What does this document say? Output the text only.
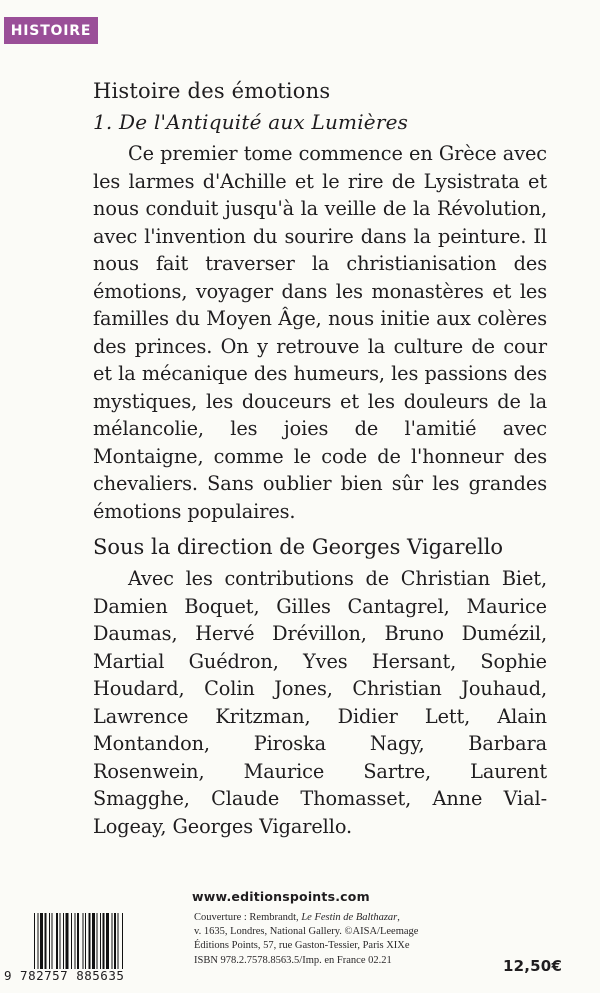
HISTOIRE
Histoire des émotions
1. De l'Antiquité aux Lumières

Ce premier tome commence en Grèce avec les larmes d'Achille et le rire de Lysistrata et nous conduit jusqu'à la veille de la Révolution, avec l'invention du sourire dans la peinture. Il nous fait traverser la christianisation des émotions, voyager dans les monastères et les familles du Moyen Âge, nous initie aux colères des princes. On y retrouve la culture de cour et la mécanique des humeurs, les passions des mystiques, les douceurs et les douleurs de la mélancolie, les joies de l'amitié avec Montaigne, comme le code de l'honneur des chevaliers. Sans oublier bien sûr les grandes émotions populaires.

Sous la direction de Georges Vigarello

Avec les contributions de Christian Biet, Damien Boquet, Gilles Cantagrel, Maurice Daumas, Hervé Drévillon, Bruno Dumézil, Martial Guédron, Yves Hersant, Sophie Houdard, Colin Jones, Christian Jouhaud, Lawrence Kritzman, Didier Lett, Alain Montandon, Piroska Nagy, Barbara Rosenwein, Maurice Sartre, Laurent Smagghe, Claude Thomasset, Anne Vial-Logeay, Georges Vigarello.

www.editionspoints.com
9 782757 885635
Couverture : Rembrandt, Le Festin de Balthazar,
v. 1635, Londres, National Gallery. ©AISA/Leemage
Éditions Points, 57, rue Gaston-Tessier, Paris XIXe
ISBN 978.2.7578.8563.5/Imp. en France 02.21	12,50€
